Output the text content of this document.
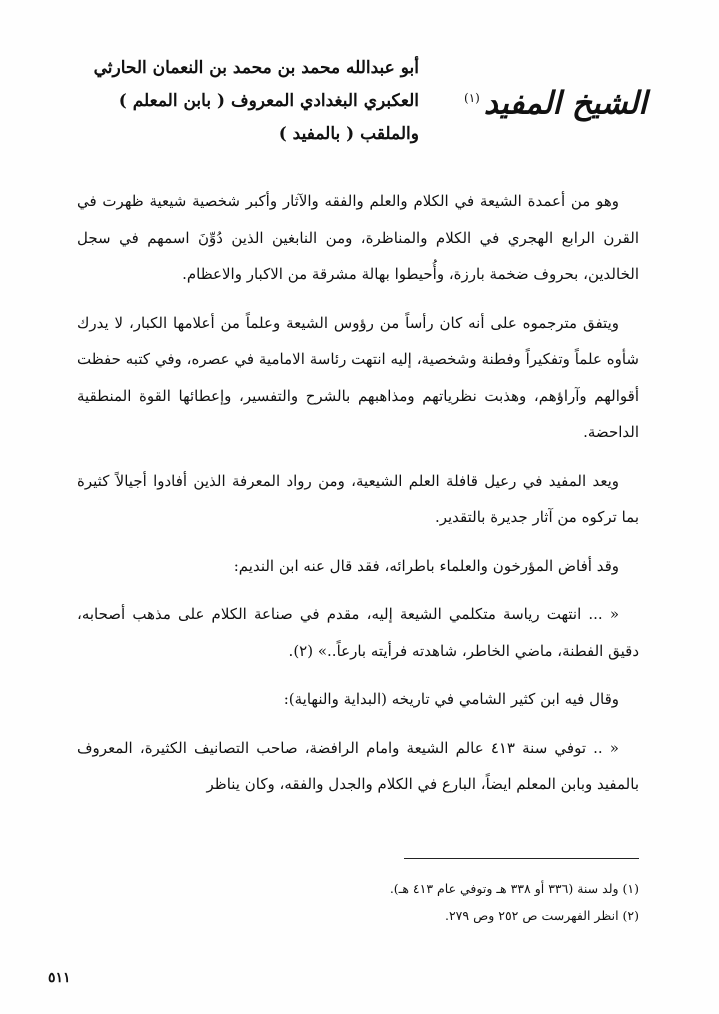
الشيخ المفيد$^{(١)}$
أبو عبدالله محمد بن محمد بن النعمان الحارثي
العكبري البغدادي المعروف ( بابن المعلم )
والملقب ( بالمفيد )

وهو من أعمدة الشيعة في الكلام والعلم والفقه والآثار وأكبر شخصية شيعية ظهرت في القرن الرابع الهجري في الكلام والمناظرة، ومن النابغين الذين دُوِّنَ اسمهم في سجل الخالدين، بحروف ضخمة بارزة، وأُحيطوا بهالة مشرقة من الاكبار والاعظام.

ويتفق مترجموه على أنه كان رأساً من رؤوس الشيعة وعلماً من أعلامها الكبار، لا يدرك شأوه علماً وتفكيراً وفطنة وشخصية، إليه انتهت رئاسة الامامية في عصره، وفي كتبه حفظت أقوالهم وآراؤهم، وهذبت نظرياتهم ومذاهبهم بالشرح والتفسير، وإعطائها القوة المنطقية الداحضة.

ويعد المفيد في رعيل قافلة العلم الشيعية، ومن رواد المعرفة الذين أفادوا أجيالاً كثيرة بما تركوه من آثار جديرة بالتقدير.

وقد أفاض المؤرخون والعلماء باطرائه، فقد قال عنه ابن النديم:

« ... انتهت رياسة متكلمي الشيعة إليه، مقدم في صناعة الكلام على مذهب أصحابه، دقيق الفطنة، ماضي الخاطر، شاهدته فرأيته بارعاً..» (٢).

وقال فيه ابن كثير الشامي في تاريخه (البداية والنهاية):

« .. توفي سنة ٤١٣ عالم الشيعة وامام الرافضة، صاحب التصانيف الكثيرة، المعروف بالمفيد وبابن المعلم ايضاً، البارع في الكلام والجدل والفقه، وكان يناظر

(١) ولد سنة (٣٣٦ أو ٣٣٨ هـ وتوفي عام ٤١٣ هـ).
(٢) انظر الفهرست ص ٢٥٢ وص ٢٧٩.
٥١١
